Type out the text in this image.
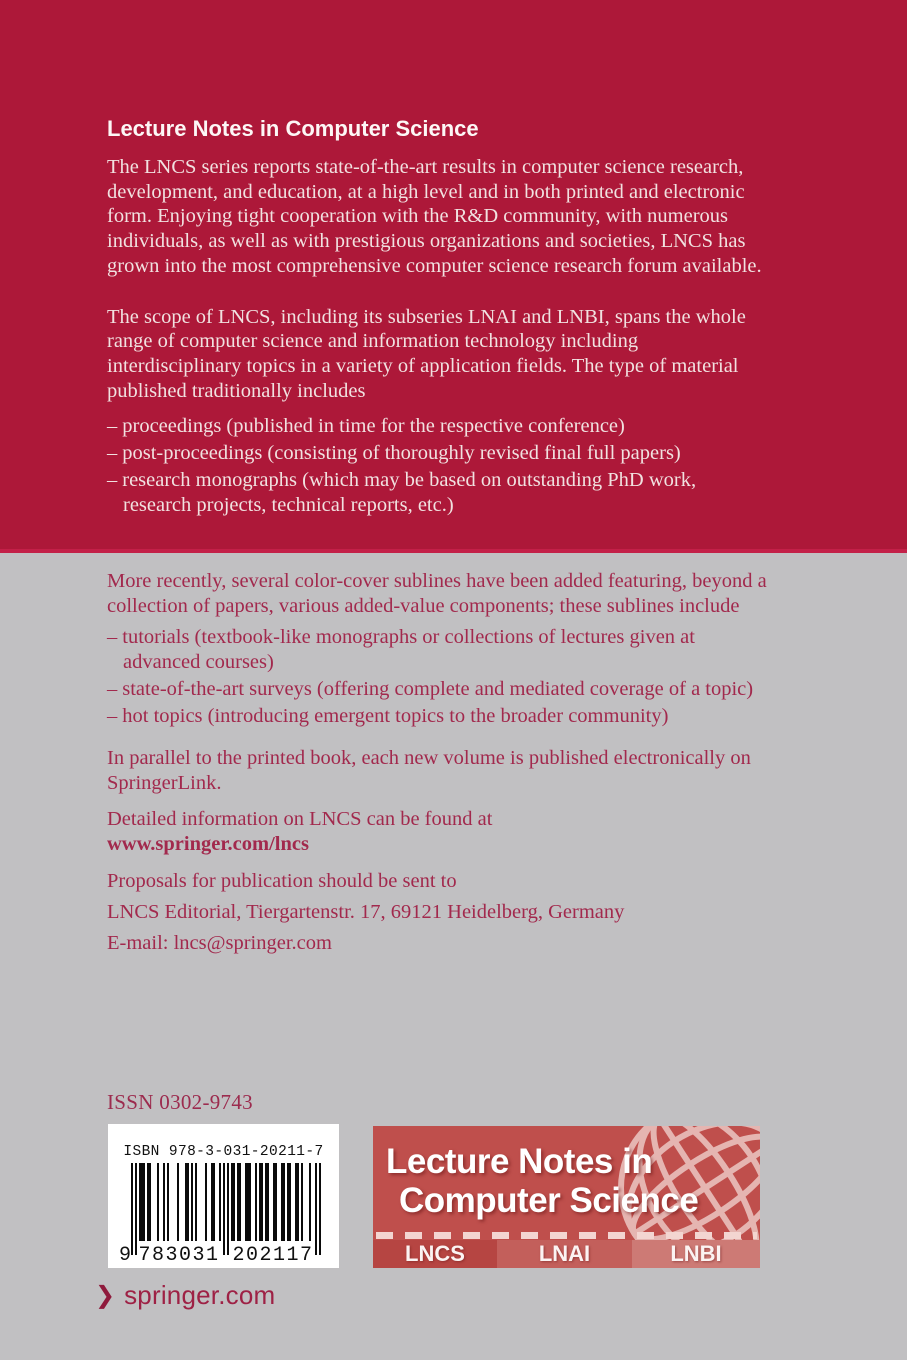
Lecture Notes in Computer Science

The LNCS series reports state-of-the-art results in computer science research, development, and education, at a high level and in both printed and electronic form. Enjoying tight cooperation with the R&D community, with numerous individuals, as well as with prestigious organizations and societies, LNCS has grown into the most comprehensive computer science research forum available.

The scope of LNCS, including its subseries LNAI and LNBI, spans the whole range of computer science and information technology including interdisciplinary topics in a variety of application fields. The type of material published traditionally includes

– proceedings (published in time for the respective conference)
– post-proceedings (consisting of thoroughly revised final full papers)
– research monographs (which may be based on outstanding PhD work, research projects, technical reports, etc.)

More recently, several color-cover sublines have been added featuring, beyond a collection of papers, various added-value components; these sublines include

– tutorials (textbook-like monographs or collections of lectures given at advanced courses)
– state-of-the-art surveys (offering complete and mediated coverage of a topic)
– hot topics (introducing emergent topics to the broader community)

In parallel to the printed book, each new volume is published electronically on SpringerLink.

Detailed information on LNCS can be found at

www.springer.com/lncs

Proposals for publication should be sent to

LNCS Editorial, Tiergartenstr. 17, 69121 Heidelberg, Germany

E-mail: lncs@springer.com

ISSN 0302-9743
ISBN 978-3-031-20211-7
9 783031 202117
Lecture Notes in
Computer Science
LNCS	LNAI	LNBI
❯ springer.com
